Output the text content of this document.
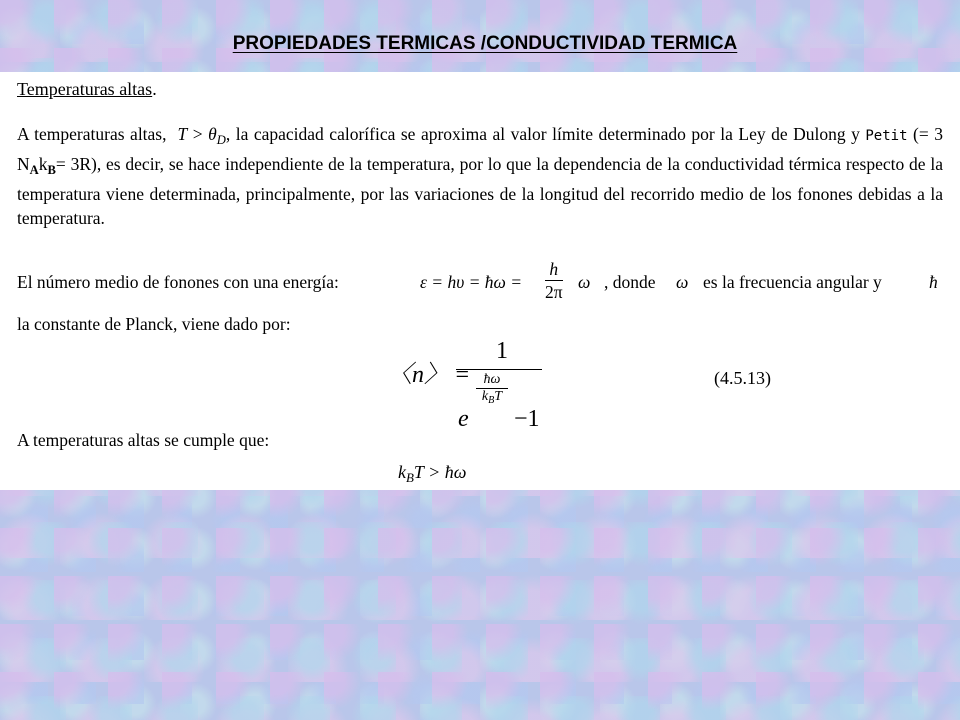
PROPIEDADES TERMICAS /CONDUCTIVIDAD TERMICA
Temperaturas altas.
A temperaturas altas, $T > \theta_D$, la capacidad calorífica se aproxima al valor límite determinado por la Ley de Dulong y Petit (= 3 $N_Ak_B= 3R$), es decir, se hace independiente de la temperatura, por lo que la dependencia de la conductividad térmica respecto de la temperatura viene determinada, principalmente, por las variaciones de la longitud del recorrido medio de los fonones debidas a la temperatura.
El número medio de fonones con una energía:	ε = hυ = ħω = $\frac{h}{2\pi}$ ω , donde ω es la frecuencia angular y	ħ
la constante de Planck, viene dado por:
〈n〉 =
1
e
ħω
$k_BT$
−1
(4.5.13)
A temperaturas altas se cumple que:
$k_BT$ > ħω
